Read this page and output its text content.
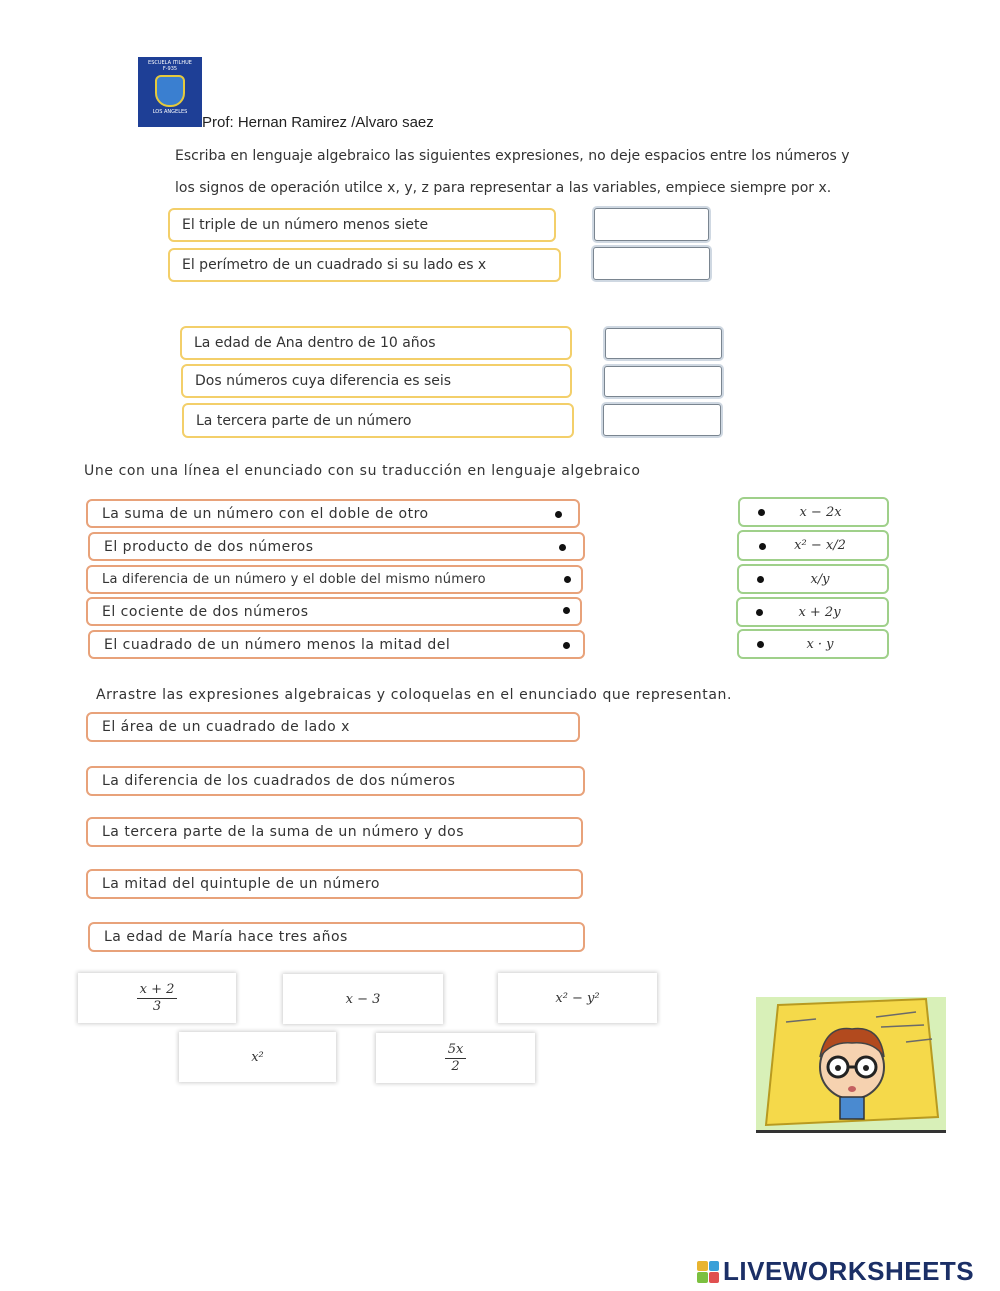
ESCUELA ITILHUE
F-935
LOS ANGELES
Prof: Hernan Ramirez /Alvaro saez
Escriba en lenguaje algebraico las siguientes expresiones, no deje espacios entre los números y
los signos de operación utilce x, y, z para representar a las variables, empiece siempre por x.
El triple de un número menos siete
El perímetro de un cuadrado si su lado es x
La edad de Ana dentro de 10 años
Dos números cuya diferencia es seis
La tercera parte de un número
Une con una línea el enunciado con su traducción en lenguaje algebraico
La suma de un número con el doble de otro
El producto de dos números
La diferencia de un número y el doble del mismo número
El cociente de dos números
El cuadrado de un número menos la mitad del
x − 2x
x² − x/2
x/y
x + 2y
x · y
Arrastre las expresiones algebraicas y coloquelas en el enunciado que representan.
El área de un cuadrado de lado x
La diferencia de los cuadrados de dos números
La tercera parte de la suma de un número y dos
La mitad del quintuple de un número
La edad de María hace tres años
$\frac{x + 2}{3}$	x − 3	x² − y²
x²	$\frac{5x}{2}$
LIVEWORKSHEETS
